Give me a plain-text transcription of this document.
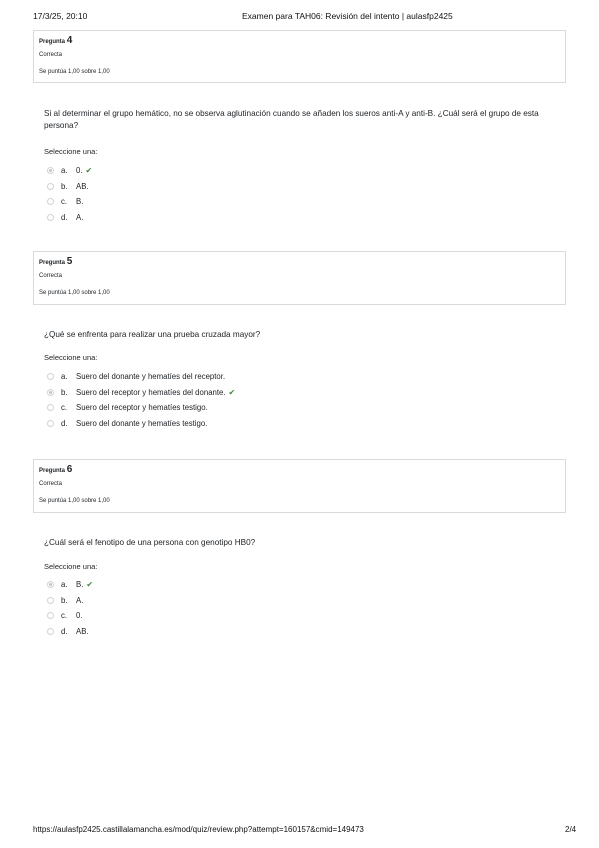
17/3/25, 20:10	Examen para TAH06: Revisión del intento | aulasfp2425
Pregunta 4
Correcta
Se puntúa 1,00 sobre 1,00
Si al determinar el grupo hemático, no se observa aglutinación cuando se añaden los sueros anti-A y anti-B. ¿Cuál será el grupo de esta persona?
Seleccione una:
a.	0. ✔
b.	AB.
c.	B.
d.	A.
Pregunta 5
Correcta
Se puntúa 1,00 sobre 1,00
¿Qué se enfrenta para realizar una prueba cruzada mayor?
Seleccione una:
a.	Suero del donante y hematíes del receptor.
b.	Suero del receptor y hematíes del donante. ✔
c.	Suero del receptor y hematíes testigo.
d.	Suero del donante y hematíes testigo.
Pregunta 6
Correcta
Se puntúa 1,00 sobre 1,00
¿Cuál será el fenotipo de una persona con genotipo HB0?
Seleccione una:
a.	B. ✔
b.	A.
c.	0.
d.	AB.
https://aulasfp2425.castillalamancha.es/mod/quiz/review.php?attempt=160157&cmid=149473	2/4
